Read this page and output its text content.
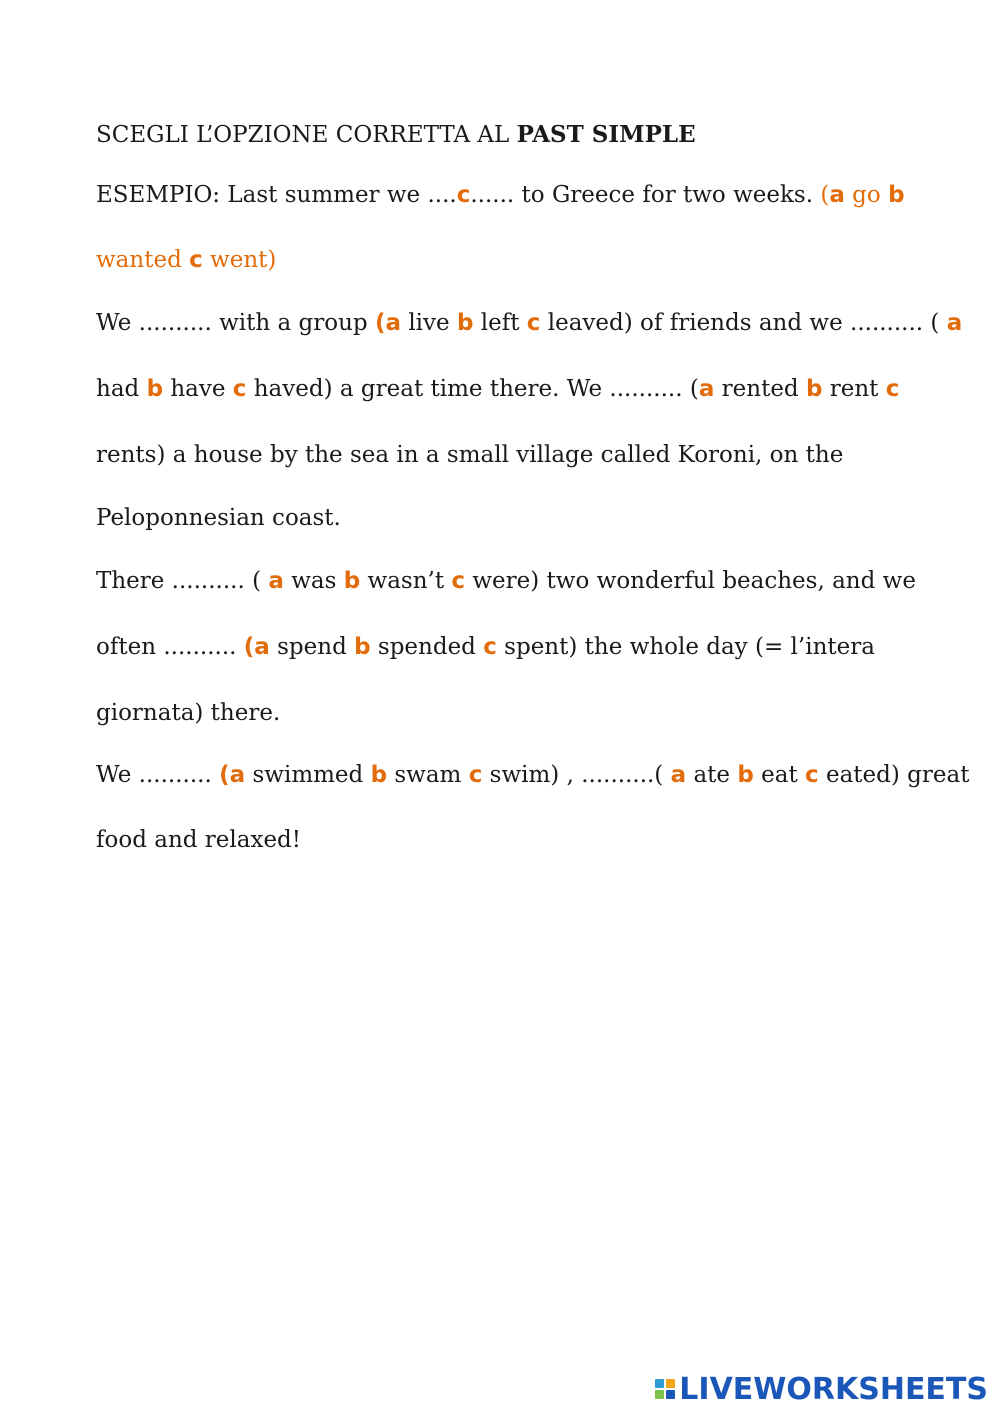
SCEGLI L’OPZIONE CORRETTA AL PAST SIMPLE
ESEMPIO: Last summer we ....c...... to Greece for two weeks. (a go b
wanted c went)
We .......... with a group (a live b left c leaved) of friends and we .......... ( a
had b have c haved) a great time there. We .......... (a rented b rent c
rents) a house by the sea in a small village called Koroni, on the
Peloponnesian coast.
There .......... ( a was b wasn’t c were) two wonderful beaches, and we
often .......... (a spend b spended c spent) the whole day (= l’intera
giornata) there.
We .......... (a swimmed b swam c swim) , ..........( a ate b eat c eated) great
food and relaxed!
LIVEWORKSHEETS
